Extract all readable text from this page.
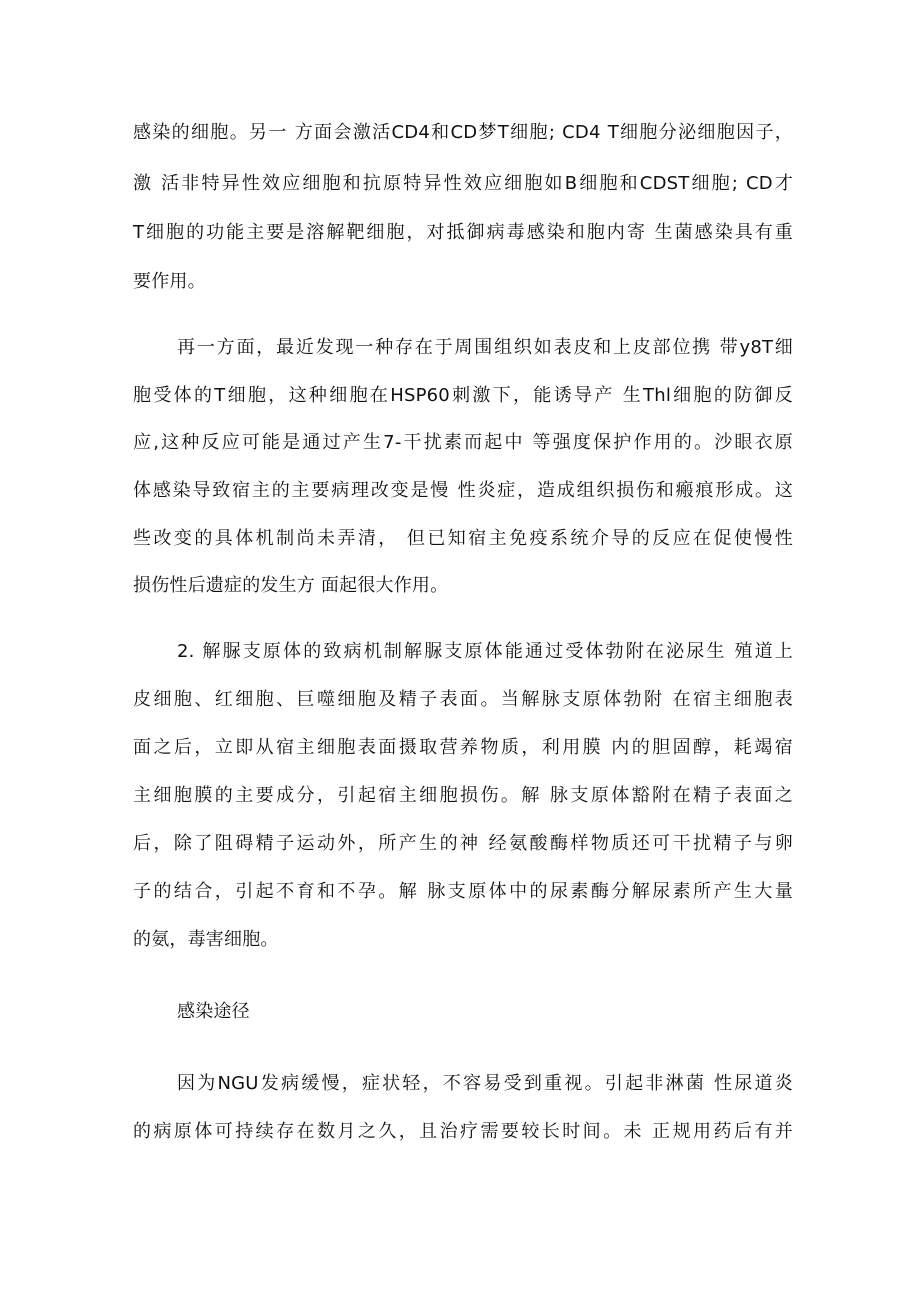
感染的细胞。另一 方面会激活CD4和CD梦T细胞; CD4 T细胞分泌细胞因子，
激 活非特异性效应细胞和抗原特异性效应细胞如B细胞和CDST细胞; CD才
T细胞的功能主要是溶解靶细胞，对抵御病毒感染和胞内寄 生菌感染具有重
要作用。
再一方面，最近发现一种存在于周围组织如表皮和上皮部位携 带y8T细
胞受体的T细胞，这种细胞在HSP60刺激下，能诱导产 生Thl细胞的防御反
应,这种反应可能是通过产生7-干扰素而起中 等强度保护作用的。沙眼衣原
体感染导致宿主的主要病理改变是慢 性炎症，造成组织损伤和瘢痕形成。这
些改变的具体机制尚未弄清， 但已知宿主免疫系统介导的反应在促使慢性
损伤性后遗症的发生方 面起很大作用。
2. 解脲支原体的致病机制解脲支原体能通过受体勃附在泌尿生 殖道上
皮细胞、红细胞、巨噬细胞及精子表面。当解脉支原体勃附 在宿主细胞表
面之后，立即从宿主细胞表面摄取营养物质，利用膜 内的胆固醇，耗竭宿
主细胞膜的主要成分，引起宿主细胞损伤。解 脉支原体豁附在精子表面之
后，除了阻碍精子运动外，所产生的神 经氨酸酶样物质还可干扰精子与卵
子的结合，引起不育和不孕。解 脉支原体中的尿素酶分解尿素所产生大量
的氨，毒害细胞。
感染途径
因为NGU发病缓慢，症状轻，不容易受到重视。引起非淋菌 性尿道炎
的病原体可持续存在数月之久，且治疗需要较长时间。未 正规用药后有并
